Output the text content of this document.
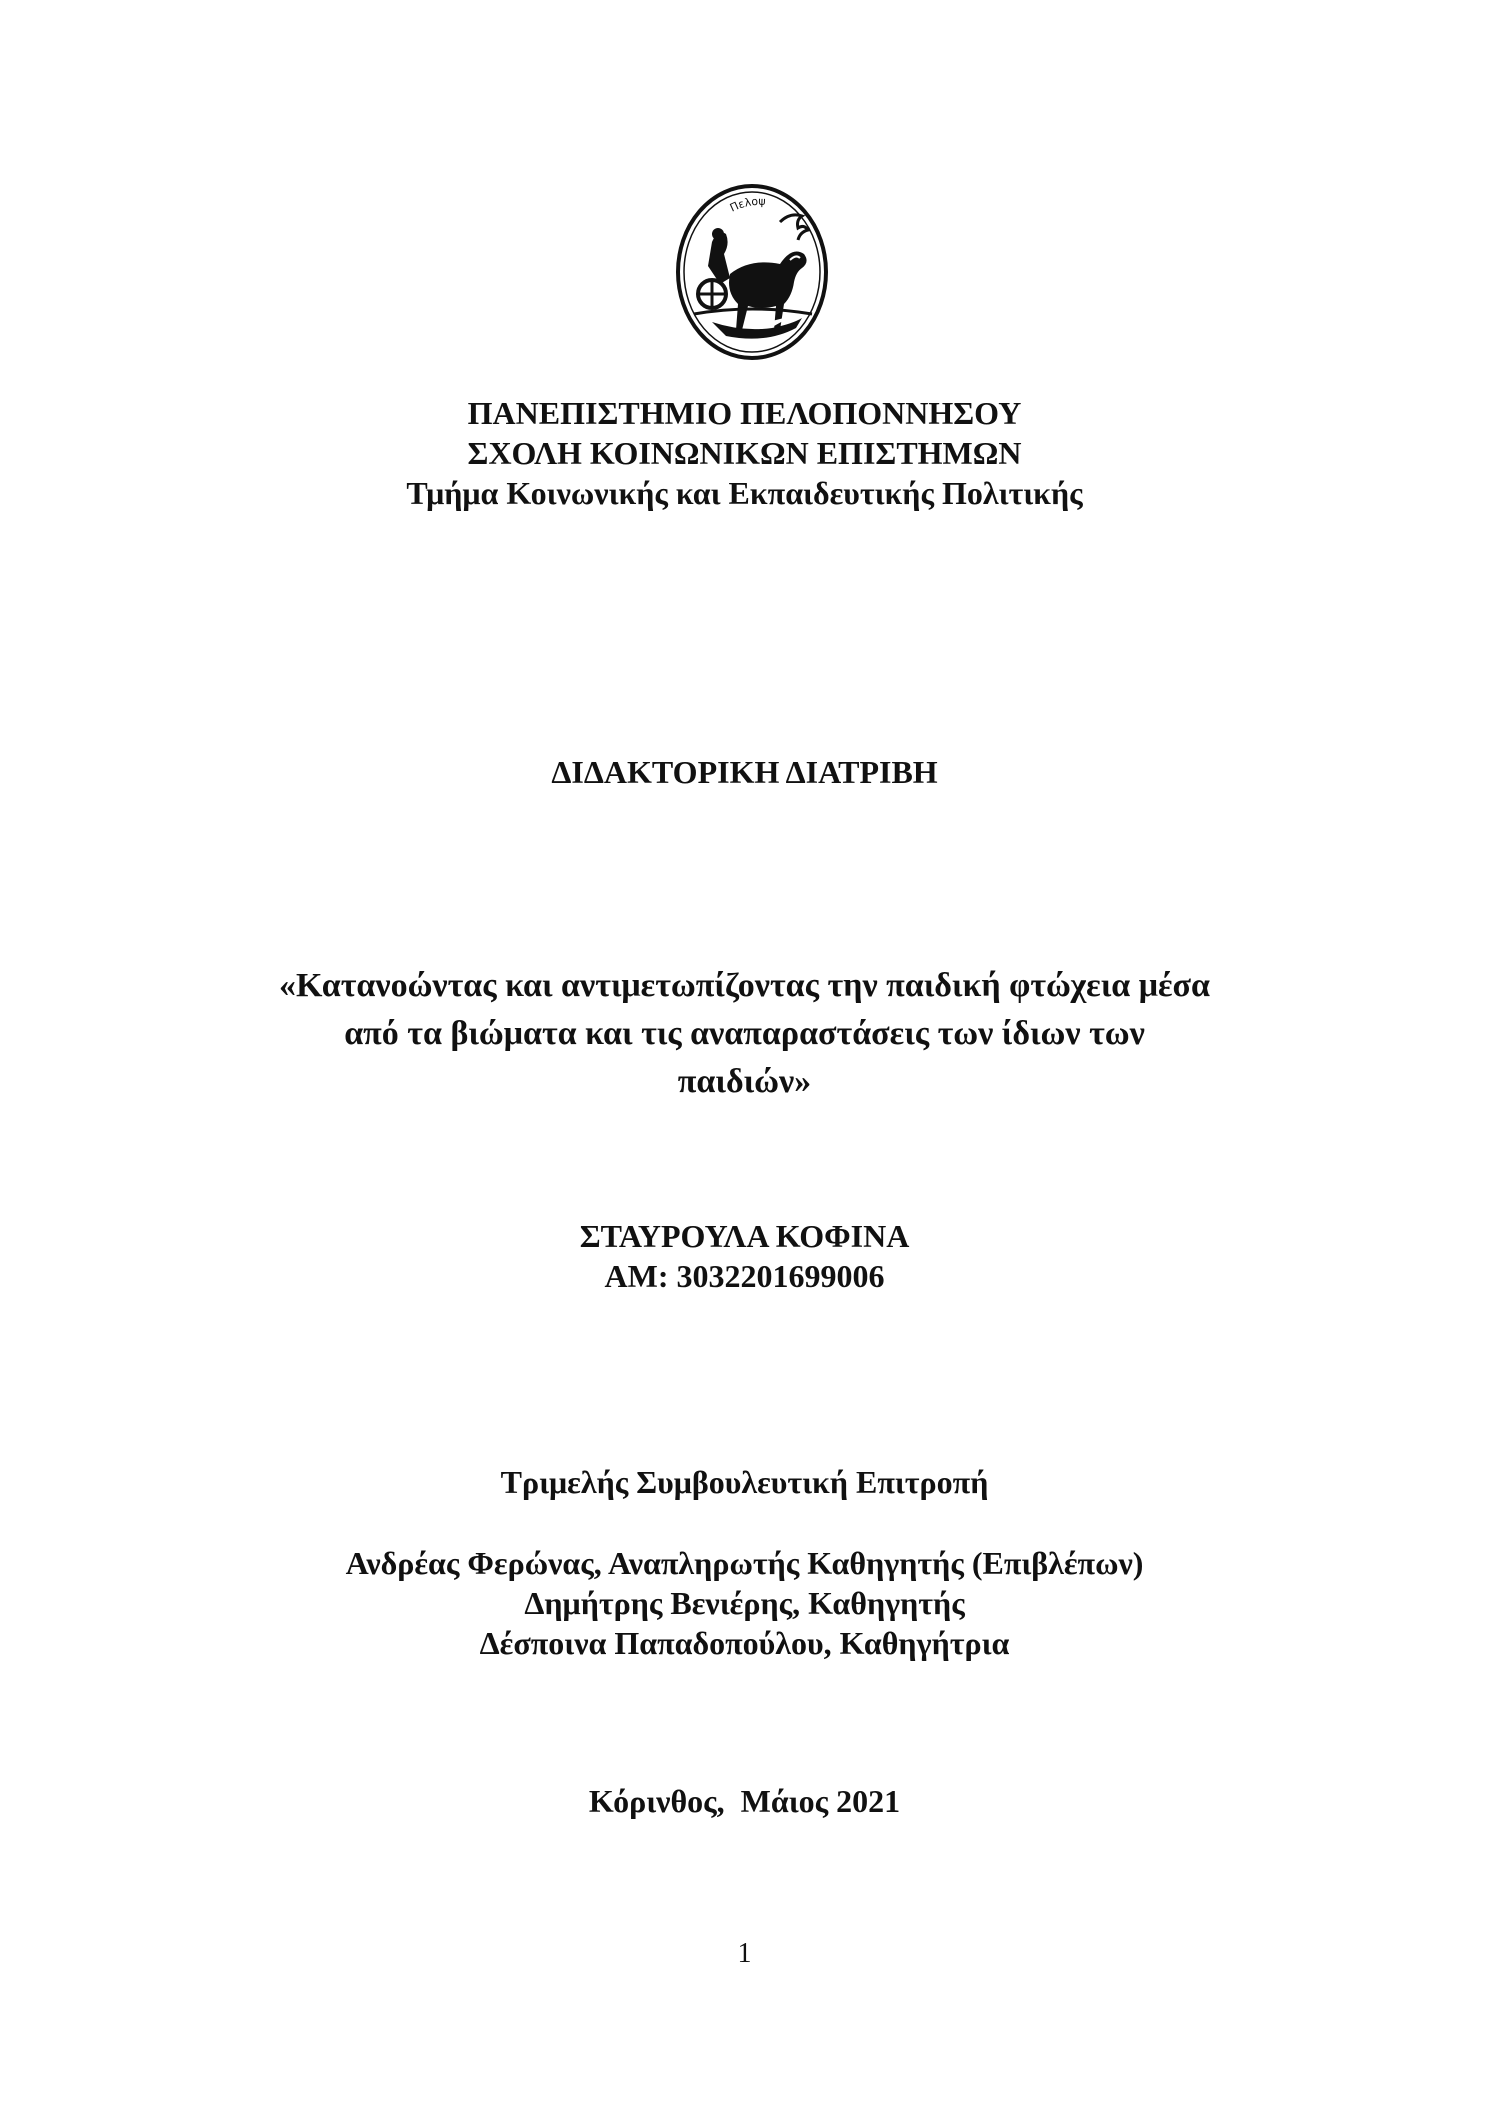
Πελοψ
ΠΑΝΕΠΙΣΤΗΜΙΟ ΠΕΛΟΠΟΝΝΗΣΟΥ
ΣΧΟΛΗ ΚΟΙΝΩΝΙΚΩΝ ΕΠΙΣΤΗΜΩΝ
Τμήμα Κοινωνικής και Εκπαιδευτικής Πολιτικής
ΔΙΔΑΚΤΟΡΙΚΗ ΔΙΑΤΡΙΒΗ
«Κατανοώντας και αντιμετωπίζοντας την παιδική φτώχεια μέσα
από τα βιώματα και τις αναπαραστάσεις των ίδιων των
παιδιών»
ΣΤΑΥΡΟΥΛΑ ΚΟΦΙΝΑ
ΑΜ: 3032201699006
Τριμελής Συμβουλευτική Επιτροπή
Ανδρέας Φερώνας, Αναπληρωτής Καθηγητής (Επιβλέπων)
Δημήτρης Βενιέρης, Καθηγητής
Δέσποινα Παπαδοπούλου, Καθηγήτρια
Κόρινθος,  Μάιος 2021
1
